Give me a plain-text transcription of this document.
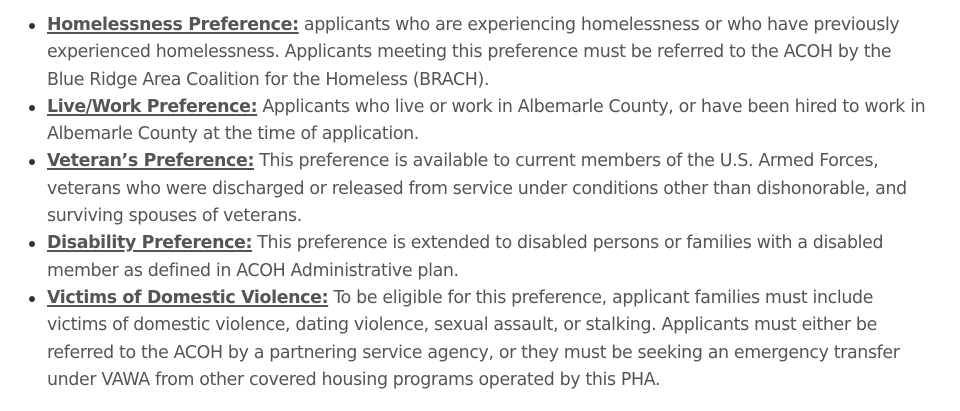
Homelessness Preference: applicants who are experiencing homelessness or who have previously experienced homelessness. Applicants meeting this preference must be referred to the ACOH by the Blue Ridge Area Coalition for the Homeless (BRACH).
Live/Work Preference: Applicants who live or work in Albemarle County, or have been hired to work in Albemarle County at the time of application.
Veteran’s Preference: This preference is available to current members of the U.S. Armed Forces, veterans who were discharged or released from service under conditions other than dishonorable, and surviving spouses of veterans.
Disability Preference: This preference is extended to disabled persons or families with a disabled member as defined in ACOH Administrative plan.
Victims of Domestic Violence: To be eligible for this preference, applicant families must include victims of domestic violence, dating violence, sexual assault, or stalking. Applicants must either be referred to the ACOH by a partnering service agency, or they must be seeking an emergency transfer under VAWA from other covered housing programs operated by this PHA.
